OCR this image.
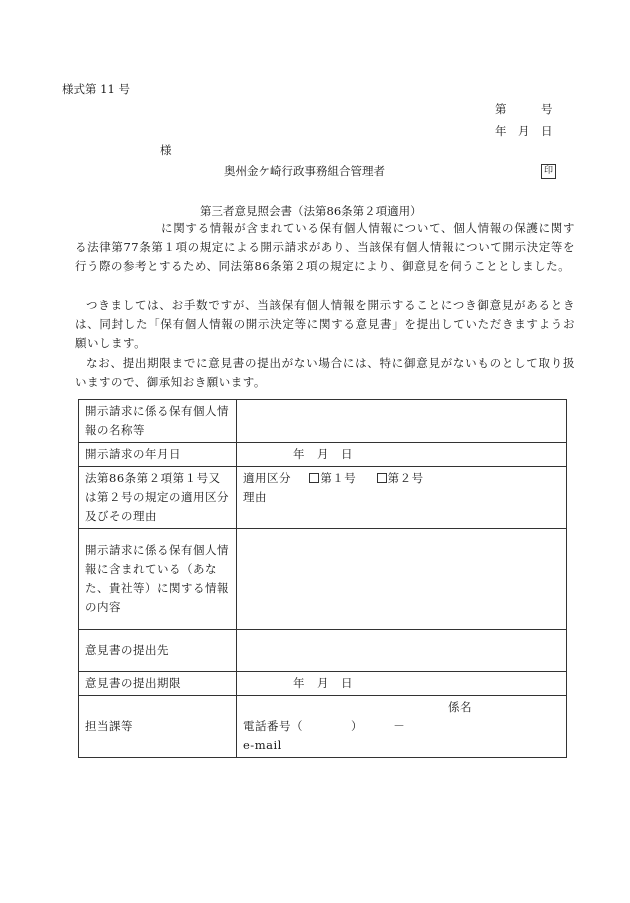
様式第 11 号
第　　　号
年　月　日
様
奥州金ケ崎行政事務組合管理者	印
第三者意見照会書（法第86条第２項適用）
に関する情報が含まれている保有個人情報について、個人情報の保護に関する法律第77条第１項の規定による開示請求があり、当該保有個人情報について開示決定等を行う際の参考とするため、同法第86条第２項の規定により、御意見を伺うこととしました。
つきましては、お手数ですが、当該保有個人情報を開示することにつき御意見があるときは、同封した「保有個人情報の開示決定等に関する意見書」を提出していただきますようお願いします。
なお、提出期限までに意見書の提出がない場合には、特に御意見がないものとして取り扱いますので、御承知おき願います。
開示請求に係る保有個人情報の名称等	
開示請求の年月日	年　月　日
法第86条第２項第１号又は第２号の規定の適用区分及びその理由	適用区分 第１号 第２号
理由

開示請求に係る保有個人情報に含まれている（あなた、貴社等）に関する情報の内容	
意見書の提出先	
意見書の提出期限	年　月　日
担当課等	係名
電話番号（　　　　）　　　－
e-mail
